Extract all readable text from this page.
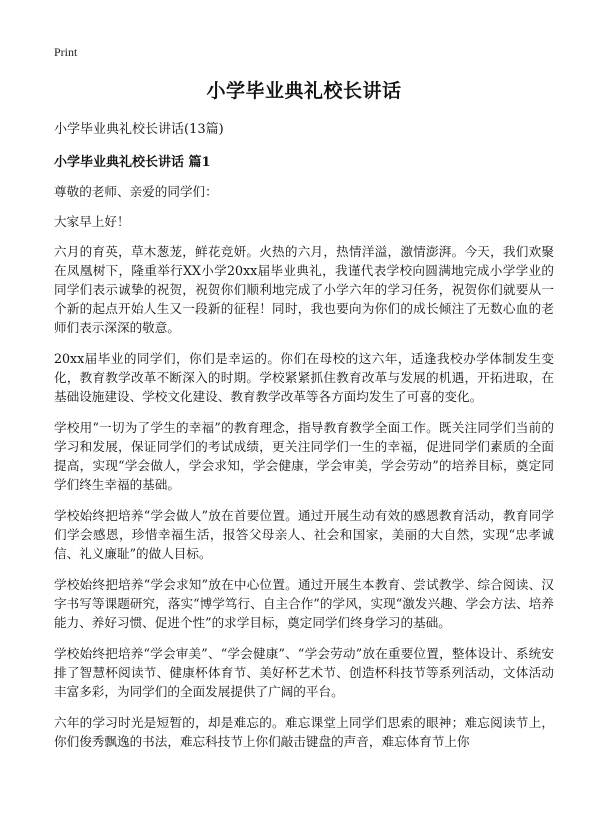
Print
小学毕业典礼校长讲话
小学毕业典礼校长讲话(13篇)
小学毕业典礼校长讲话 篇1

尊敬的老师、亲爱的同学们：

大家早上好！

六月的育英，草木葱茏，鲜花竞妍。火热的六月，热情洋溢，激情澎湃。今天，我们欢聚在凤凰树下，隆重举行XX小学20xx届毕业典礼，我谨代表学校向圆满地完成小学学业的同学们表示诚挚的祝贺，祝贺你们顺利地完成了小学六年的学习任务，祝贺你们就要从一个新的起点开始人生又一段新的征程！同时，我也要向为你们的成长倾注了无数心血的老师们表示深深的敬意。

20xx届毕业的同学们，你们是幸运的。你们在母校的这六年，适逢我校办学体制发生变化，教育教学改革不断深入的时期。学校紧紧抓住教育改革与发展的机遇，开拓进取，在基础设施建设、学校文化建设、教育教学改革等各方面均发生了可喜的变化。

学校用“一切为了学生的幸福”的教育理念，指导教育教学全面工作。既关注同学们当前的学习和发展，保证同学们的考试成绩，更关注同学们一生的幸福，促进同学们素质的全面提高，实现“学会做人，学会求知，学会健康，学会审美，学会劳动”的培养目标，奠定同学们终生幸福的基础。

学校始终把培养“学会做人”放在首要位置。通过开展生动有效的感恩教育活动，教育同学们学会感恩，珍惜幸福生活，报答父母亲人、社会和国家，美丽的大自然，实现“忠孝诚信、礼义廉耻”的做人目标。

学校始终把培养“学会求知”放在中心位置。通过开展生本教育、尝试教学、综合阅读、汉字书写等课题研究，落实“博学笃行、自主合作”的学风，实现“激发兴趣、学会方法、培养能力、养好习惯、促进个性”的求学目标，奠定同学们终身学习的基础。

学校始终把培养“学会审美”、“学会健康”、“学会劳动”放在重要位置，整体设计、系统安排了智慧杯阅读节、健康杯体育节、美好杯艺术节、创造杯科技节等系列活动，文体活动丰富多彩，为同学们的全面发展提供了广阔的平台。

六年的学习时光是短暂的，却是难忘的。难忘课堂上同学们思索的眼神；难忘阅读节上，你们俊秀飘逸的书法，难忘科技节上你们敲击键盘的声音，难忘体育节上你
